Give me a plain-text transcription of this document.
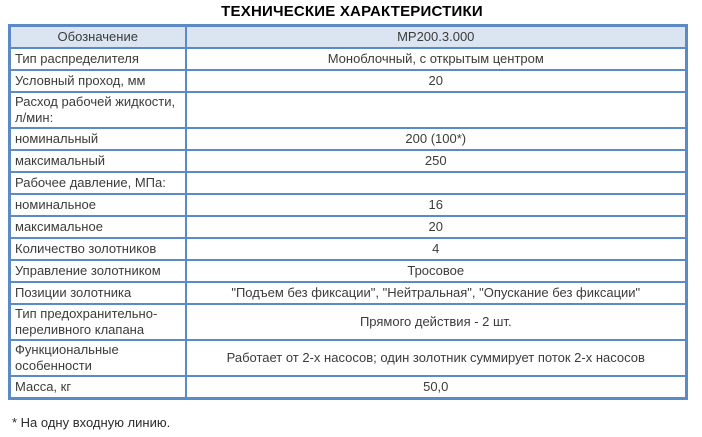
ТЕХНИЧЕСКИЕ ХАРАКТЕРИСТИКИ
Обозначение	МР200.3.000
Тип распределителя	Моноблочный, с открытым центром
Условный проход, мм	20
Расход рабочей жидкости, л/мин:	
номинальный	200 (100*)
максимальный	250
Рабочее давление, МПа:	
номинальное	16
максимальное	20
Количество золотников	4
Управление золотником	Тросовое
Позиции золотника	"Подъем без фиксации", "Нейтральная", "Опускание без фиксации"
Тип предохранительно-переливного клапана	Прямого действия - 2 шт.
Функциональные особенности	Работает от 2-х насосов; один золотник суммирует поток 2-х насосов
Масса, кг	50,0
* На одну входную линию.
